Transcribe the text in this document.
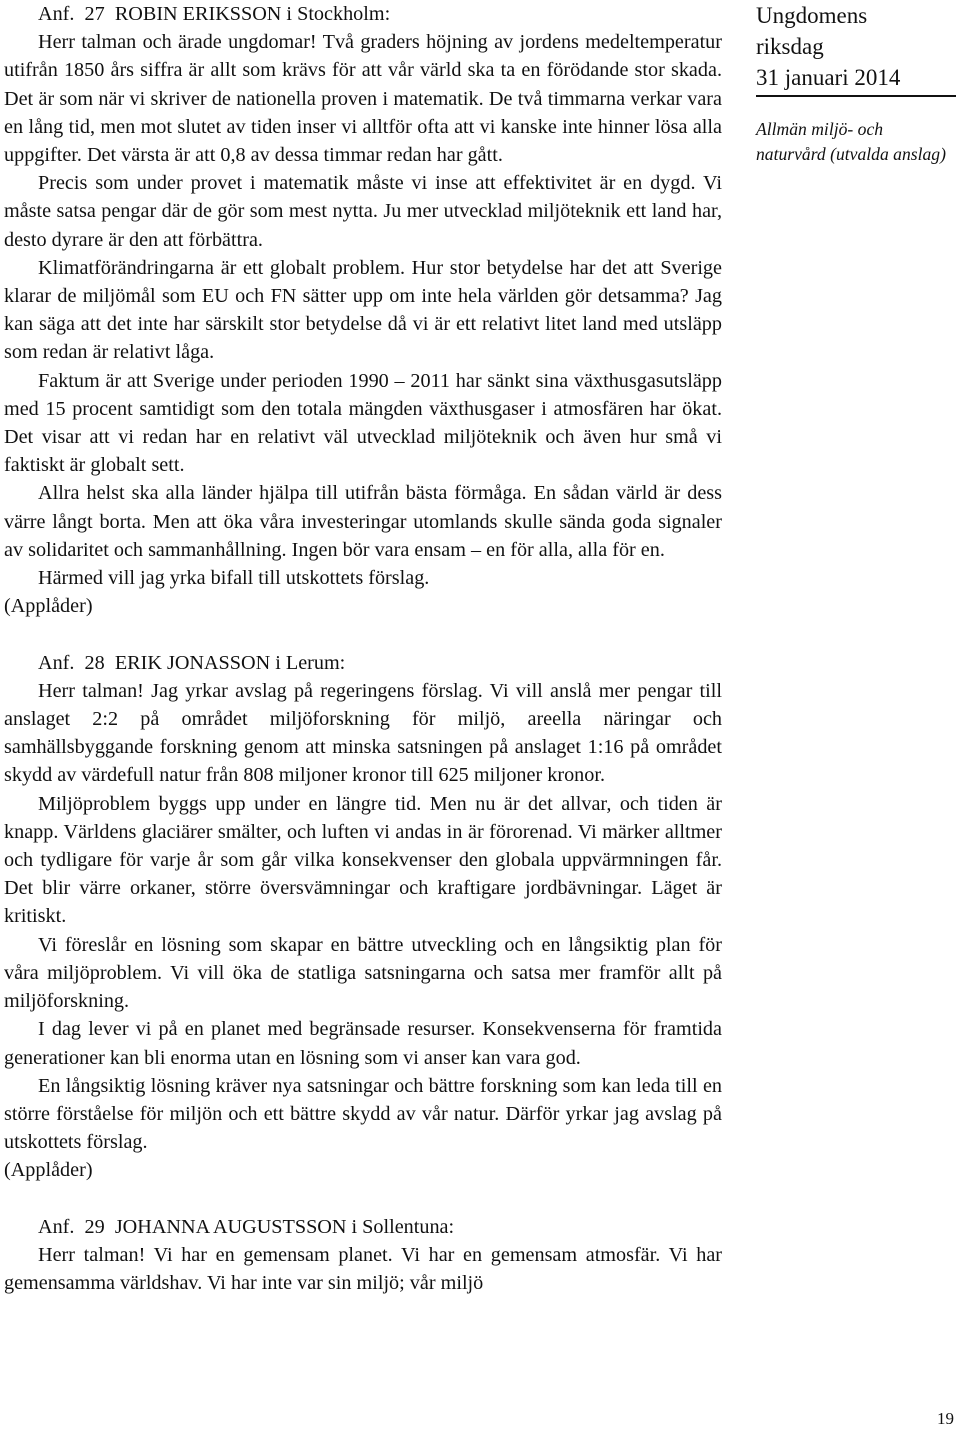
Anf.  27  ROBIN ERIKSSON i Stockholm:

Herr talman och ärade ungdomar! Två graders höjning av jordens medeltemperatur utifrån 1850 års siffra är allt som krävs för att vår värld ska ta en förödande stor skada. Det är som när vi skriver de nationella proven i matematik. De två timmarna verkar vara en lång tid, men mot slutet av tiden inser vi alltför ofta att vi kanske inte hinner lösa alla uppgifter. Det värsta är att 0,8 av dessa timmar redan har gått.

Precis som under provet i matematik måste vi inse att effektivitet är en dygd. Vi måste satsa pengar där de gör som mest nytta. Ju mer utvecklad miljöteknik ett land har, desto dyrare är den att förbättra.

Klimatförändringarna är ett globalt problem. Hur stor betydelse har det att Sverige klarar de miljömål som EU och FN sätter upp om inte hela världen gör detsamma? Jag kan säga att det inte har särskilt stor betydelse då vi är ett relativt litet land med utsläpp som redan är relativt låga.

Faktum är att Sverige under perioden 1990 – 2011 har sänkt sina växthusgasutsläpp med 15 procent samtidigt som den totala mängden växthusgaser i atmosfären har ökat. Det visar att vi redan har en relativt väl utvecklad miljöteknik och även hur små vi faktiskt är globalt sett.

Allra helst ska alla länder hjälpa till utifrån bästa förmåga. En sådan värld är dess värre långt borta. Men att öka våra investeringar utomlands skulle sända goda signaler av solidaritet och sammanhållning. Ingen bör vara ensam – en för alla, alla för en.

Härmed vill jag yrka bifall till utskottets förslag.

(Applåder)

Anf.  28  ERIK JONASSON i Lerum:

Herr talman! Jag yrkar avslag på regeringens förslag. Vi vill anslå mer pengar till anslaget 2:2 på området miljöforskning för miljö, areella näringar och samhällsbyggande forskning genom att minska satsningen på anslaget 1:16 på området skydd av värdefull natur från 808 miljoner kronor till 625 miljoner kronor.

Miljöproblem byggs upp under en längre tid. Men nu är det allvar, och tiden är knapp. Världens glaciärer smälter, och luften vi andas in är förorenad. Vi märker alltmer och tydligare för varje år som går vilka konsekvenser den globala uppvärmningen får. Det blir värre orkaner, större översvämningar och kraftigare jordbävningar. Läget är kritiskt.

Vi föreslår en lösning som skapar en bättre utveckling och en långsiktig plan för våra miljöproblem. Vi vill öka de statliga satsningarna och satsa mer framför allt på miljöforskning.

I dag lever vi på en planet med begränsade resurser. Konsekvenserna för framtida generationer kan bli enorma utan en lösning som vi anser kan vara god.

En långsiktig lösning kräver nya satsningar och bättre forskning som kan leda till en större förståelse för miljön och ett bättre skydd av vår natur. Därför yrkar jag avslag på utskottets förslag.

(Applåder)

Anf.  29  JOHANNA AUGUSTSSON i Sollentuna:

Herr talman! Vi har en gemensam planet. Vi har en gemensam atmosfär. Vi har gemensamma världshav. Vi har inte var sin miljö; vår miljö

Ungdomens
riksdag
31 januari 2014

Allmän miljö- och naturvård (utvalda anslag)
19
